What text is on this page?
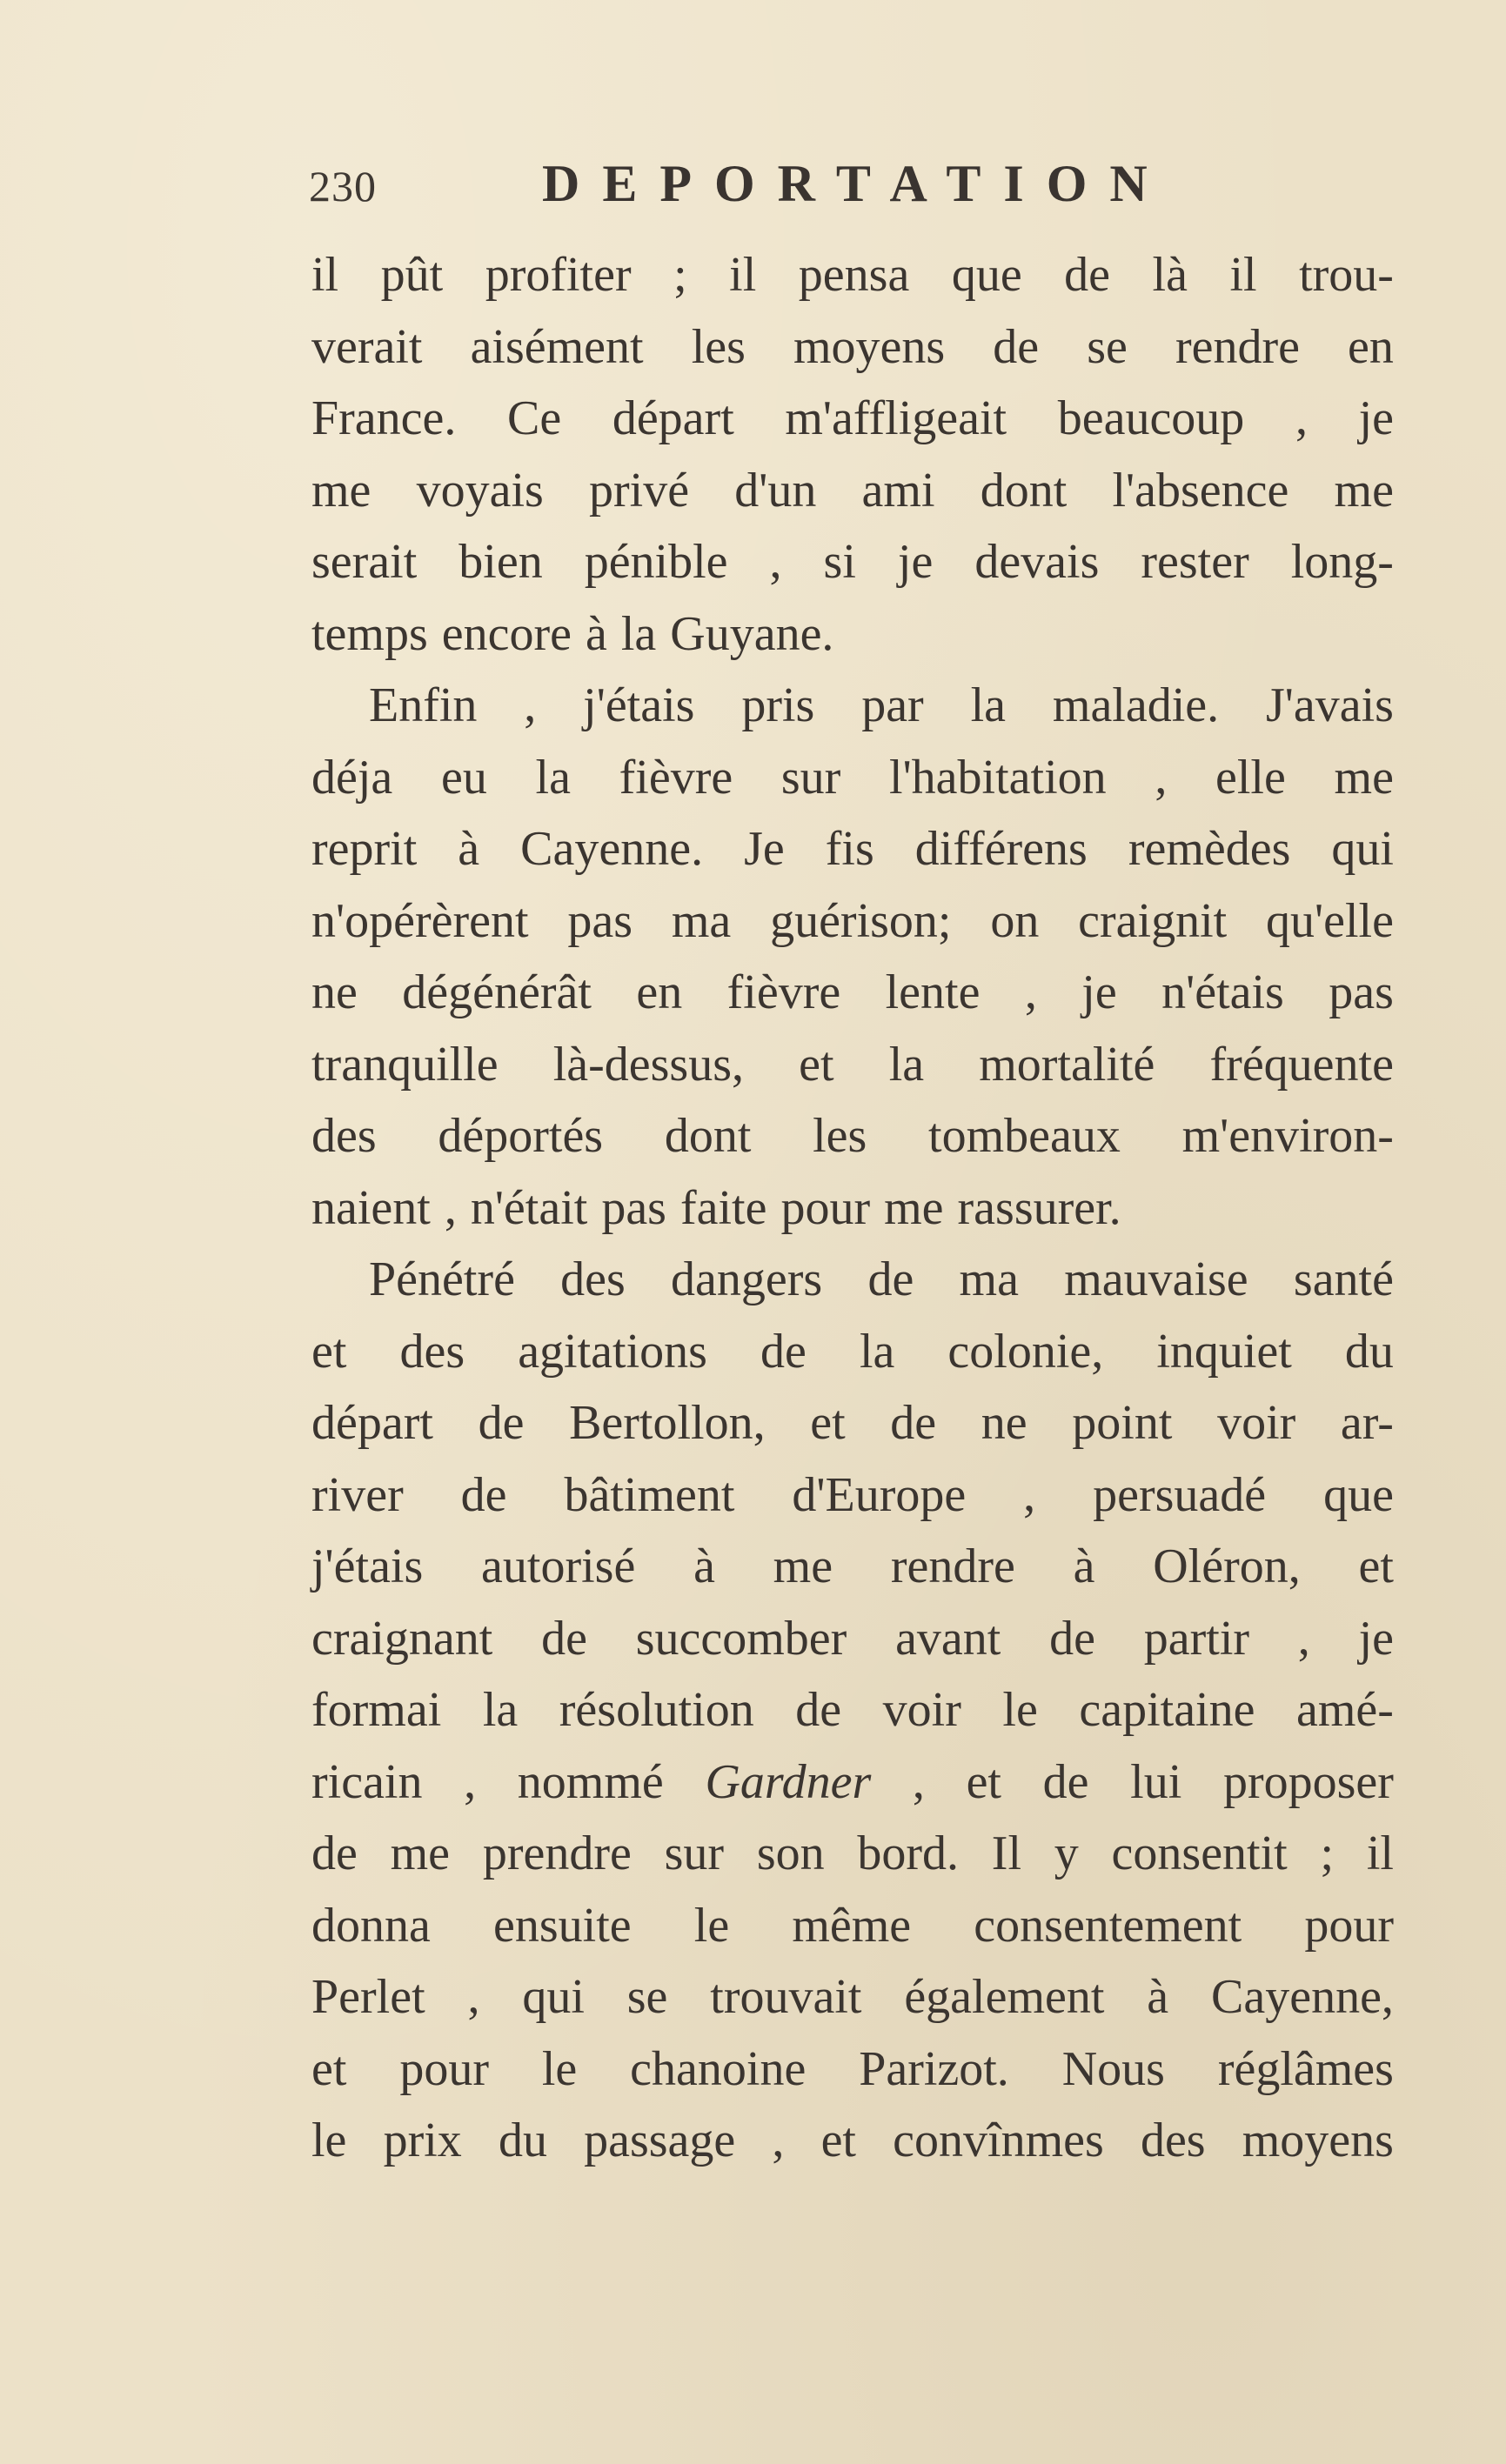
230	DEPORTATION
il pût profiter ; il pensa que de là il trou-
verait aisément les moyens de se rendre en
France. Ce départ m'affligeait beaucoup , je
me voyais privé d'un ami dont l'absence me
serait bien pénible , si je devais rester long-
temps encore à la Guyane.
Enfin , j'étais pris par la maladie. J'avais
déja eu la fièvre sur l'habitation , elle me
reprit à Cayenne. Je fis différens remèdes qui
n'opérèrent pas ma guérison; on craignit qu'elle
ne dégénérât en fièvre lente , je n'étais pas
tranquille là-dessus, et la mortalité fréquente
des déportés dont les tombeaux m'environ-
naient , n'était pas faite pour me rassurer.
Pénétré des dangers de ma mauvaise santé
et des agitations de la colonie, inquiet du
départ de Bertollon, et de ne point voir ar-
river de bâtiment d'Europe , persuadé que
j'étais autorisé à me rendre à Oléron, et
craignant de succomber avant de partir , je
formai la résolution de voir le capitaine amé-
ricain , nommé Gardner , et de lui proposer
de me prendre sur son bord. Il y consentit ; il
donna ensuite le même consentement pour
Perlet , qui se trouvait également à Cayenne,
et pour le chanoine Parizot. Nous réglâmes
le prix du passage , et convînmes des moyens
